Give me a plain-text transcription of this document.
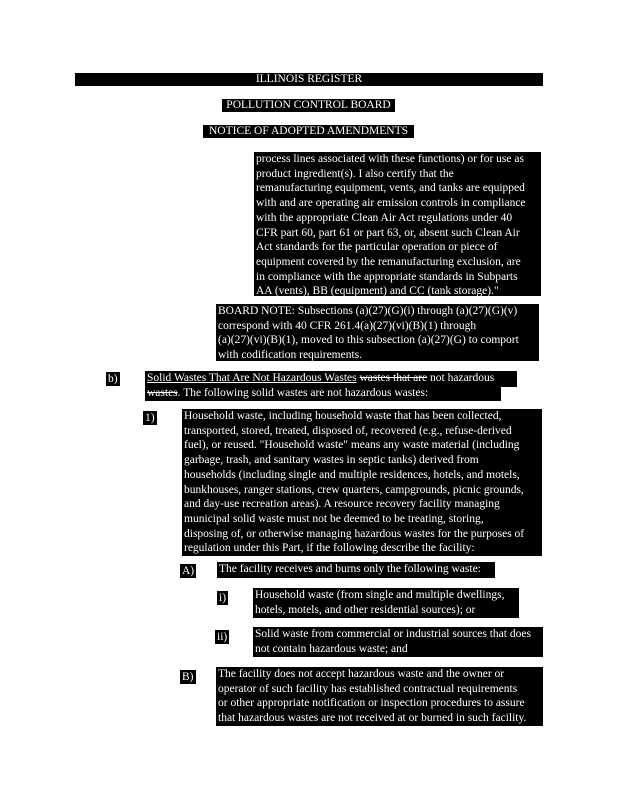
ILLINOIS REGISTER
POLLUTION CONTROL BOARD
NOTICE OF ADOPTED AMENDMENTS
process lines associated with these functions) or for use as
product ingredient(s). I also certify that the
remanufacturing equipment, vents, and tanks are equipped
with and are operating air emission controls in compliance
with the appropriate Clean Air Act regulations under 40
CFR part 60, part 61 or part 63, or, absent such Clean Air
Act standards for the particular operation or piece of
equipment covered by the remanufacturing exclusion, are
in compliance with the appropriate standards in Subparts
AA (vents), BB (equipment) and CC (tank storage)."
BOARD NOTE: Subsections (a)(27)(G)(i) through (a)(27)(G)(v)
correspond with 40 CFR 261.4(a)(27)(vi)(B)(1) through
(a)(27)(vi)(B)(1), moved to this subsection (a)(27)(G) to comport
with codification requirements.
b)	Solid Wastes That Are Not Hazardous Wastes wastes that are not hazardous
wastes. The following solid wastes are not hazardous wastes:
1)	Household waste, including household waste that has been collected,
transported, stored, treated, disposed of, recovered (e.g., refuse-derived
fuel), or reused. "Household waste" means any waste material (including
garbage, trash, and sanitary wastes in septic tanks) derived from
households (including single and multiple residences, hotels, and motels,
bunkhouses, ranger stations, crew quarters, campgrounds, picnic grounds,
and day-use recreation areas). A resource recovery facility managing
municipal solid waste must not be deemed to be treating, storing,
disposing of, or otherwise managing hazardous wastes for the purposes of
regulation under this Part, if the following describe the facility:
A) The facility receives and burns only the following waste:
i)	Household waste (from single and multiple dwellings,
hotels, motels, and other residential sources); or
ii) Solid waste from commercial or industrial sources that does
not contain hazardous waste; and
B) The facility does not accept hazardous waste and the owner or
operator of such facility has established contractual requirements
or other appropriate notification or inspection procedures to assure
that hazardous wastes are not received at or burned in such facility.
